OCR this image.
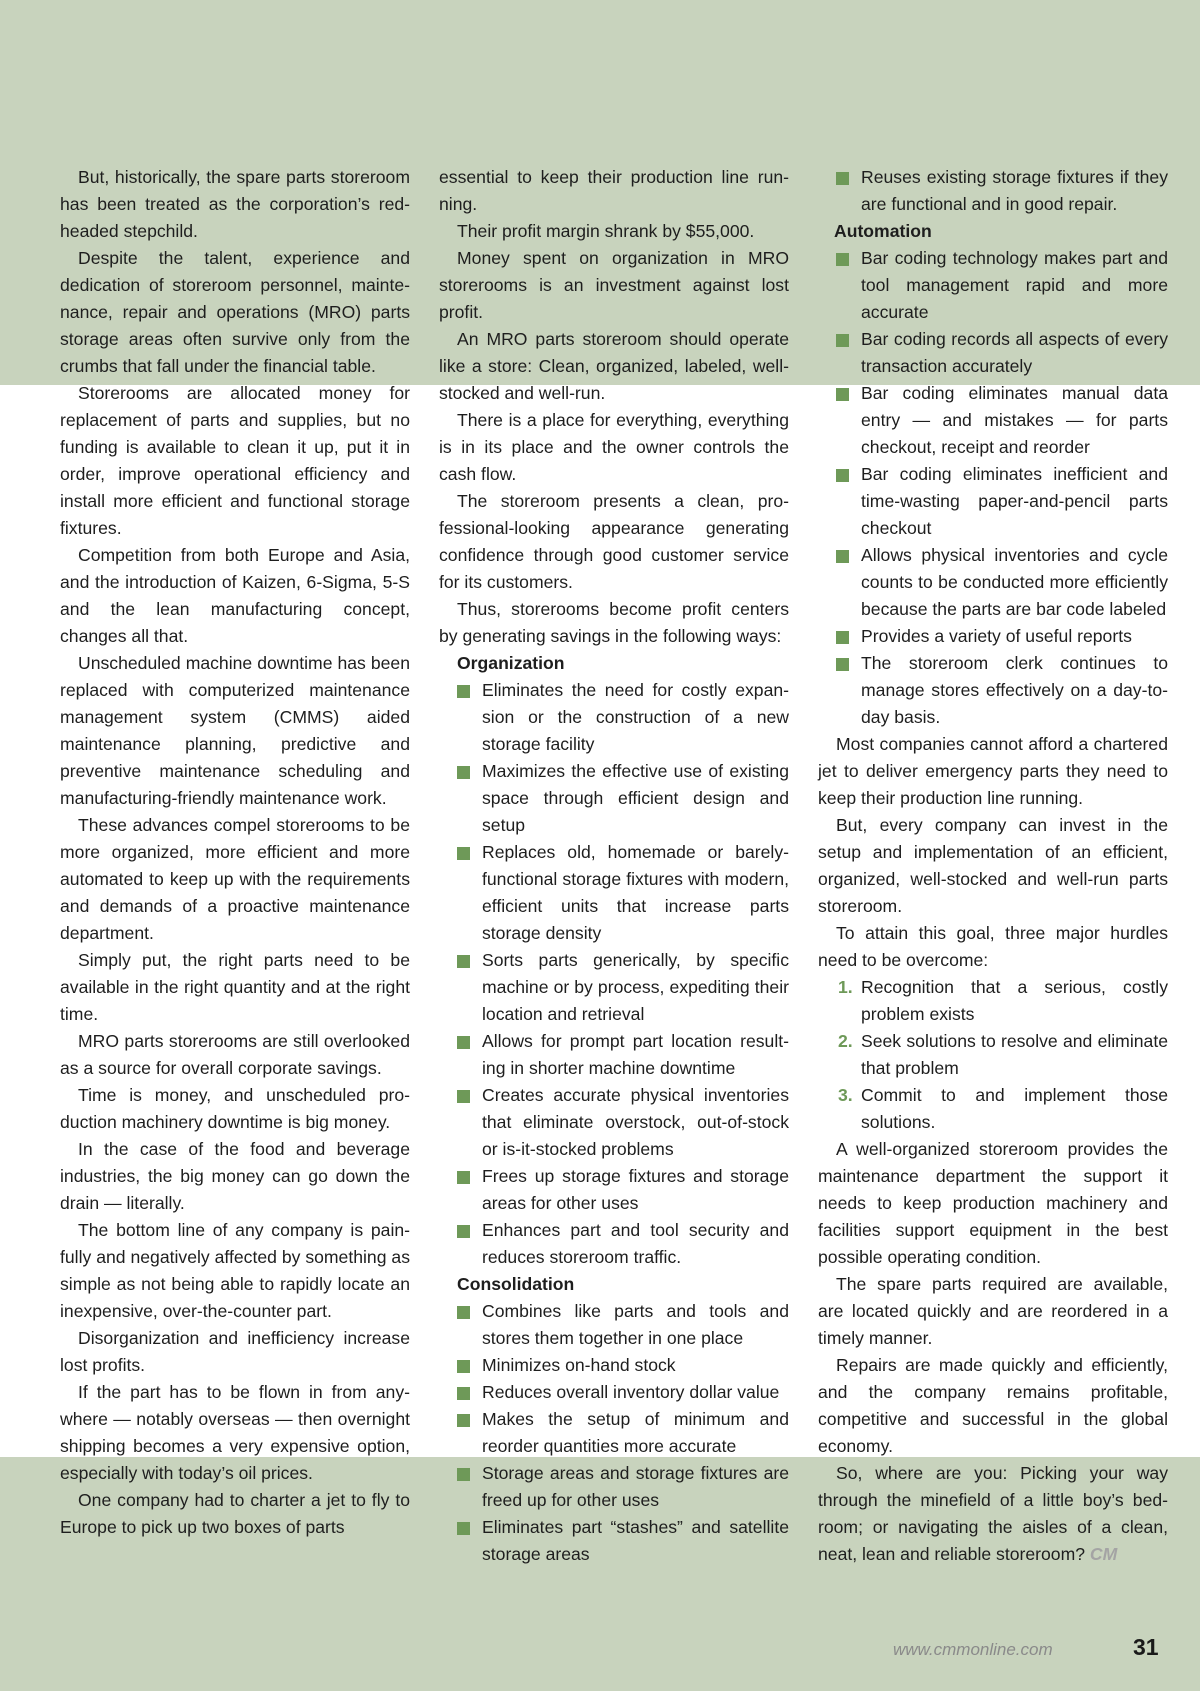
But, historically, the spare parts storeroom has been treated as the corporation’s red-headed stepchild.

Despite the talent, experience and dedication of storeroom personnel, maintenance, repair and operations (MRO) parts storage areas often survive only from the crumbs that fall under the financial table.

Storerooms are allocated money for replacement of parts and supplies, but no funding is available to clean it up, put it in order, improve operational efficiency and install more efficient and functional storage fixtures.

Competition from both Europe and Asia, and the introduction of Kaizen, 6-Sigma, 5-S and the lean manufacturing concept, changes all that.

Unscheduled machine downtime has been replaced with computerized maintenance management system (CMMS) aided maintenance planning, predictive and preventive maintenance scheduling and manufacturing-friendly maintenance work.

These advances compel storerooms to be more organized, more efficient and more automated to keep up with the requirements and demands of a proactive maintenance department.

Simply put, the right parts need to be available in the right quantity and at the right time.

MRO parts storerooms are still overlooked as a source for overall corporate savings.

Time is money, and unscheduled production machinery downtime is big money.

In the case of the food and beverage industries, the big money can go down the drain — literally.

The bottom line of any company is painfully and negatively affected by something as simple as not being able to rapidly locate an inexpensive, over-the-counter part.

Disorganization and inefficiency increase lost profits.

If the part has to be flown in from anywhere — notably overseas — then overnight shipping becomes a very expensive option, especially with today’s oil prices.

One company had to charter a jet to fly to Europe to pick up two boxes of parts

essential to keep their production line running.

Their profit margin shrank by $55,000.

Money spent on organization in MRO storerooms is an investment against lost profit.

An MRO parts storeroom should operate like a store: Clean, organized, labeled, well-stocked and well-run.

There is a place for everything, everything is in its place and the owner controls the cash flow.

The storeroom presents a clean, professional-looking appearance generating confidence through good customer service for its customers.

Thus, storerooms become profit centers by generating savings in the following ways:

Organization
Eliminates the need for costly expansion or the construction of a new storage facility
Maximizes the effective use of existing space through efficient design and setup
Replaces old, homemade or barely-functional storage fixtures with modern, efficient units that increase parts storage density
Sorts parts generically, by specific machine or by process, expediting their location and retrieval
Allows for prompt part location resulting in shorter machine downtime
Creates accurate physical inventories that eliminate overstock, out-of-stock or is-it-stocked problems
Frees up storage fixtures and storage areas for other uses
Enhances part and tool security and reduces storeroom traffic.
Consolidation
Combines like parts and tools and stores them together in one place
Minimizes on-hand stock
Reduces overall inventory dollar value
Makes the setup of minimum and reorder quantities more accurate
Storage areas and storage fixtures are freed up for other uses
Eliminates part “stashes” and satellite storage areas
Reuses existing storage fixtures if they are functional and in good repair.
Automation
Bar coding technology makes part and tool management rapid and more accurate
Bar coding records all aspects of every transaction accurately
Bar coding eliminates manual data entry — and mistakes — for parts checkout, receipt and reorder
Bar coding eliminates inefficient and time-wasting paper-and-pencil parts checkout
Allows physical inventories and cycle counts to be conducted more efficiently because the parts are bar code labeled
Provides a variety of useful reports
The storeroom clerk continues to manage stores effectively on a day-to-day basis.

Most companies cannot afford a chartered jet to deliver emergency parts they need to keep their production line running.

But, every company can invest in the setup and implementation of an efficient, organized, well-stocked and well-run parts storeroom.

To attain this goal, three major hurdles need to be overcome:

1. Recognition that a serious, costly problem exists
2. Seek solutions to resolve and eliminate that problem
3. Commit to and implement those solutions.

A well-organized storeroom provides the maintenance department the support it needs to keep production machinery and facilities support equipment in the best possible operating condition.

The spare parts required are available, are located quickly and are reordered in a timely manner.

Repairs are made quickly and efficiently, and the company remains profitable, competitive and successful in the global economy.

So, where are you: Picking your way through the minefield of a little boy’s bedroom; or navigating the aisles of a clean, neat, lean and reliable storeroom? CM

www.cmmonline.com	31
